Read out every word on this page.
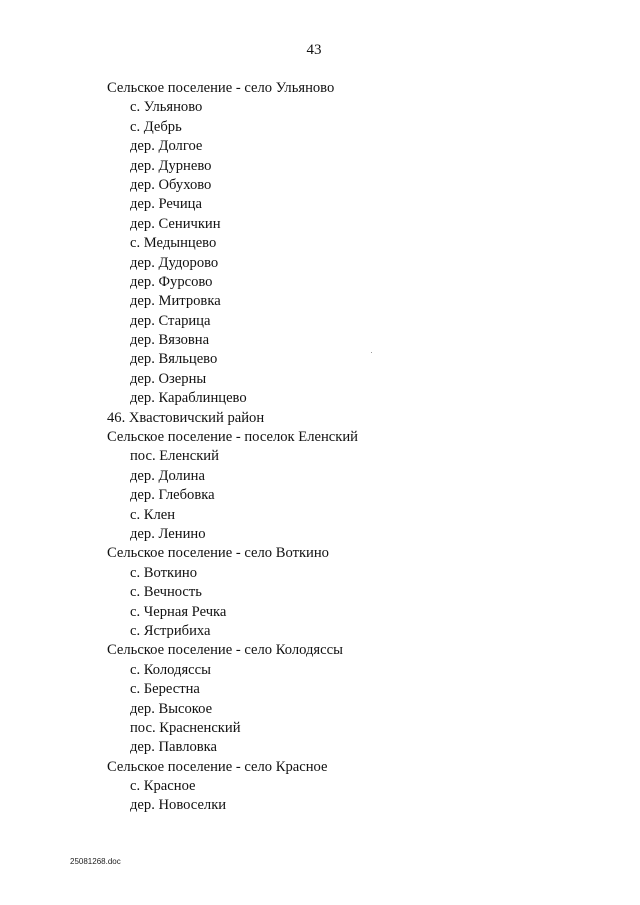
43
Сельское поселение - село Ульяново
с. Ульяново
с. Дебрь
дер. Долгое
дер. Дурнево
дер. Обухово
дер. Речица
дер. Сеничкин
с. Медынцево
дер. Дудорово
дер. Фурсово
дер. Митровка
дер. Старица
дер. Вязовна
дер. Вяльцево
дер. Озерны
дер. Караблинцево
46. Хвастовичский район
Сельское поселение - поселок Еленский
пос. Еленский
дер. Долина
дер. Глебовка
с. Клен
дер. Ленино
Сельское поселение - село Воткино
с. Воткино
с. Вечность
с. Черная Речка
с. Ястрибиха
Сельское поселение - село Колодяссы
с. Колодяссы
с. Берестна
дер. Высокое
пос. Красненский
дер. Павловка
Сельское поселение - село Красное
с. Красное
дер. Новоселки
25081268.doc
